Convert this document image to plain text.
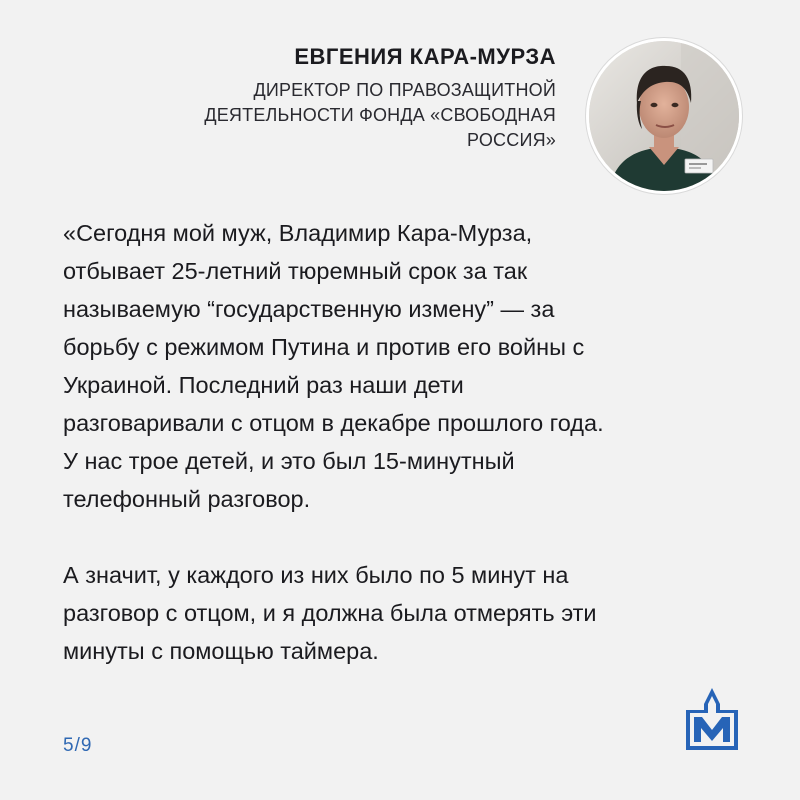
ЕВГЕНИЯ КАРА-МУРЗА
ДИРЕКТОР ПО ПРАВОЗАЩИТНОЙ
ДЕЯТЕЛЬНОСТИ ФОНДА «СВОБОДНАЯ
РОССИЯ»

«Сегодня мой муж, Владимир Кара-Мурза,
отбывает 25-летний тюремный срок за так
называемую “государственную измену” — за
борьбу с режимом Путина и против его войны с
Украиной. Последний раз наши дети
разговаривали с отцом в декабре прошлого года.
У нас трое детей, и это был 15-минутный
телефонный разговор.

А значит, у каждого из них было по 5 минут на
разговор с отцом, и я должна была отмерять эти
минуты с помощью таймера.

5/9
